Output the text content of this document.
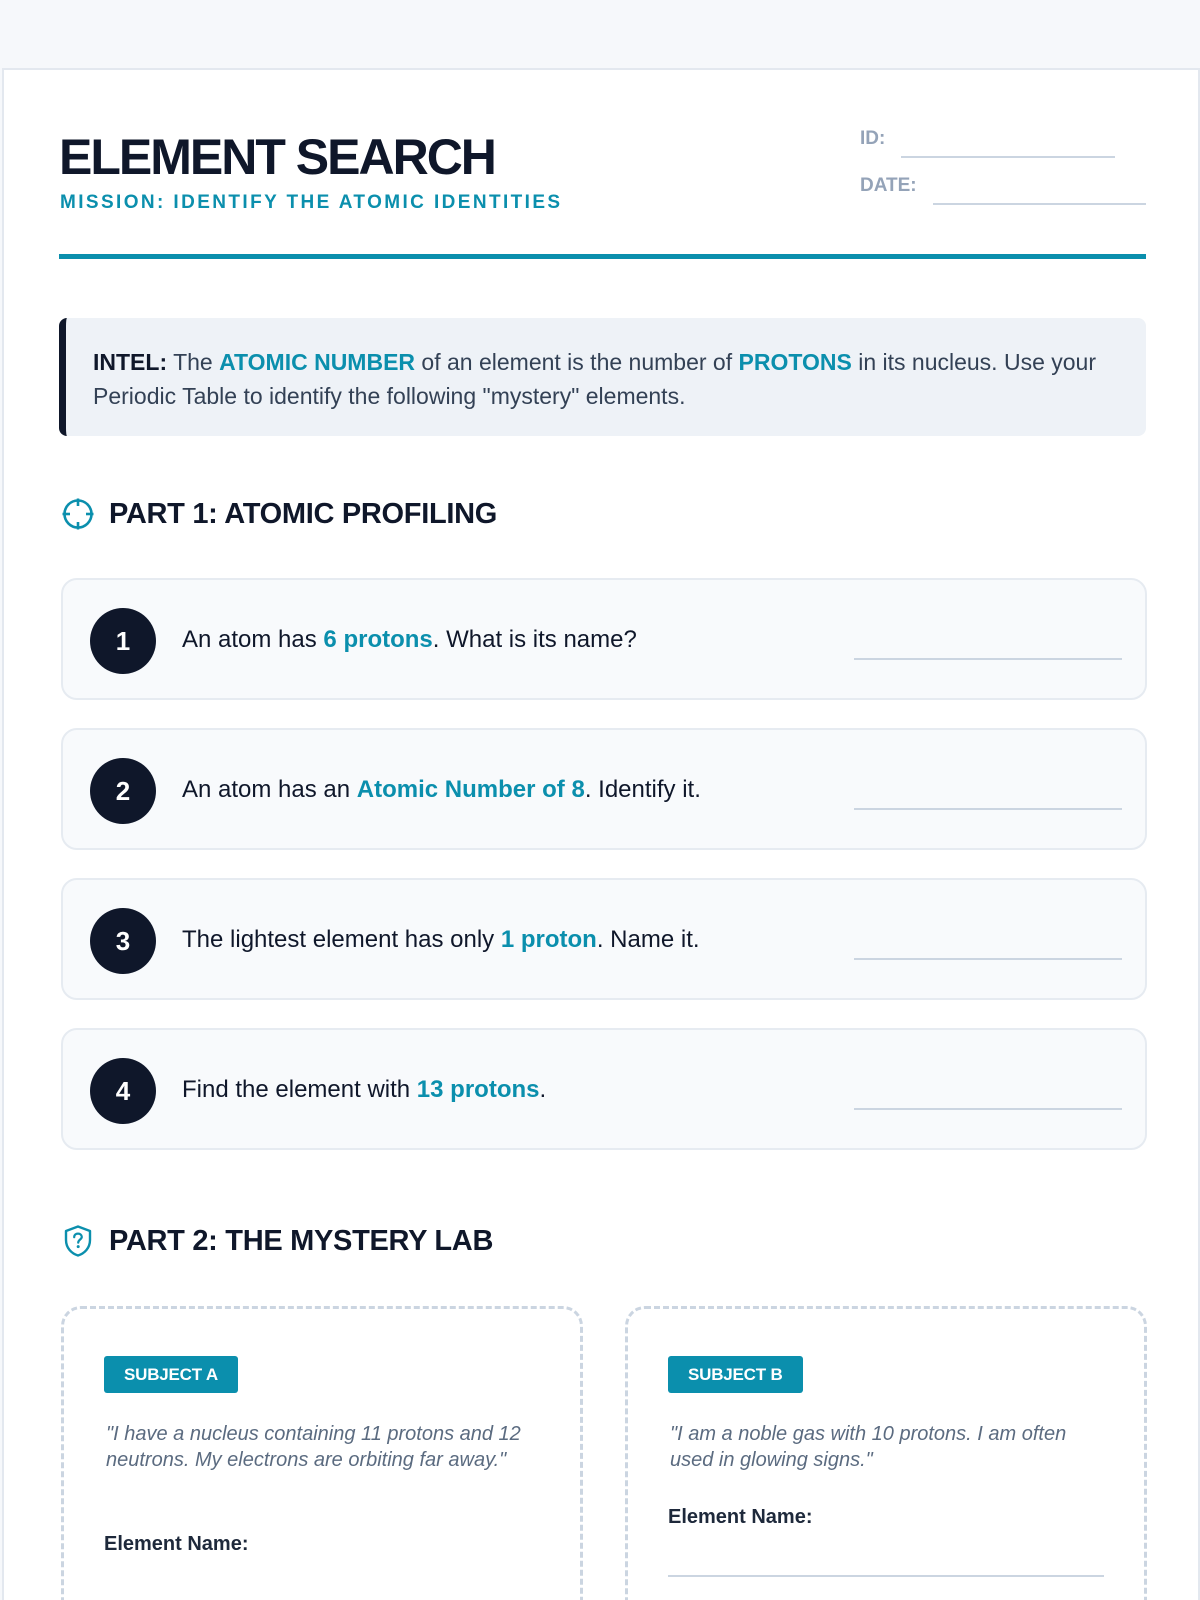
ELEMENT SEARCH
MISSION: IDENTIFY THE ATOMIC IDENTITIES
ID:
DATE:
INTEL: The ATOMIC NUMBER of an element is the number of PROTONS in its nucleus. Use your Periodic Table to identify the following "mystery" elements.
PART 1: ATOMIC PROFILING
1	An atom has 6 protons. What is its name?
2	An atom has an Atomic Number of 8. Identify it.
3	The lightest element has only 1 proton. Name it.
4	Find the element with 13 protons.
PART 2: THE MYSTERY LAB
SUBJECT A
"I have a nucleus containing 11 protons and 12 neutrons. My electrons are orbiting far away."
Element Name:
SUBJECT B
"I am a noble gas with 10 protons. I am often used in glowing signs."
Element Name:
